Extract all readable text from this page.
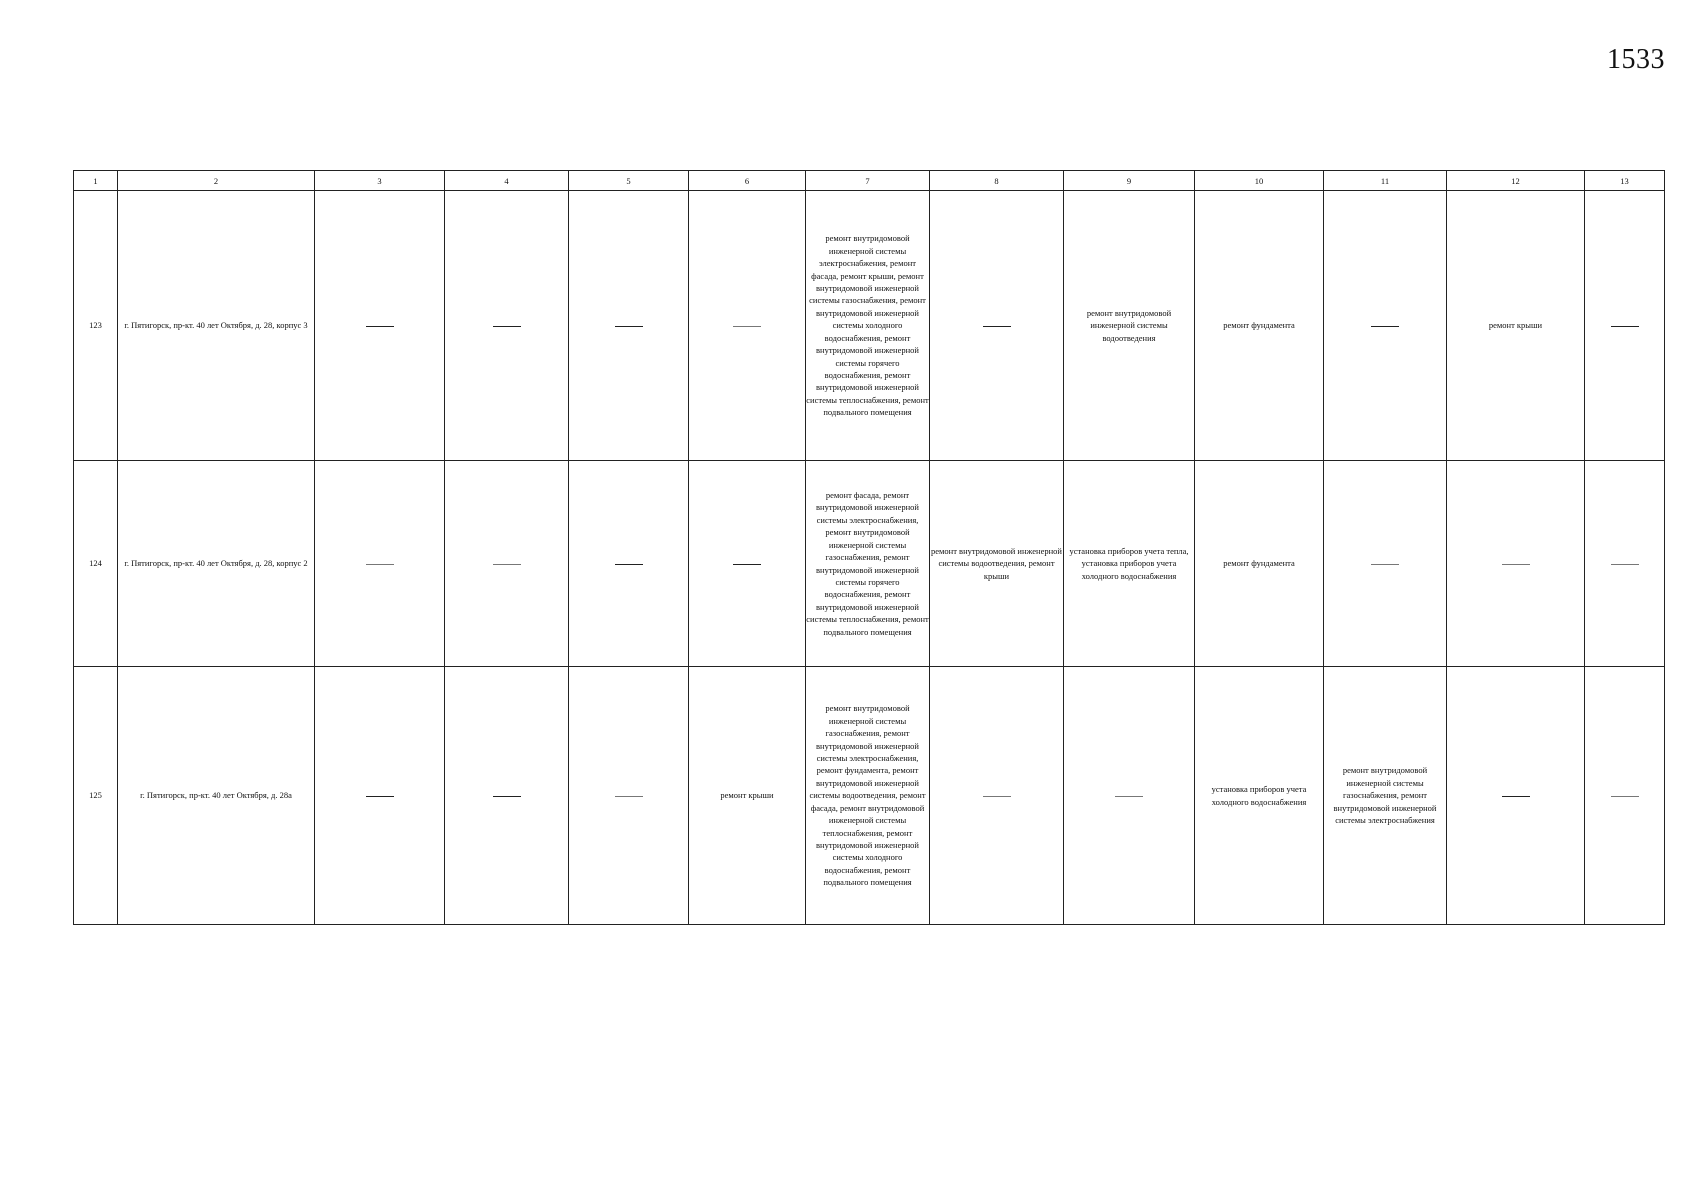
1533
1	2	3	4	5	6	7	8	9	10	11	12	13
123	г. Пятигорск, пр-кт. 40 лет Октября, д. 28, корпус 3					ремонт внутридомовой инженерной системы электроснабжения, ремонт фасада, ремонт крыши, ремонт внутридомовой инженерной системы газоснабжения, ремонт внутридомовой инженерной системы холодного водоснабжения, ремонт внутридомовой инженерной системы горячего водоснабжения, ремонт внутридомовой инженерной системы теплоснабжения, ремонт подвального помещения		ремонт внутридомовой инженерной системы водоотведения	ремонт фундамента		ремонт крыши	
124	г. Пятигорск, пр-кт. 40 лет Октября, д. 28, корпус 2					ремонт фасада, ремонт внутридомовой инженерной системы электроснабжения, ремонт внутридомовой инженерной системы газоснабжения, ремонт внутридомовой инженерной системы горячего водоснабжения, ремонт внутридомовой инженерной системы теплоснабжения, ремонт подвального помещения	ремонт внутридомовой инженерной системы водоотведения, ремонт крыши	установка приборов учета тепла, установка приборов учета холодного водоснабжения	ремонт фундамента			
125	г. Пятигорск, пр-кт. 40 лет Октября, д. 28а				ремонт крыши	ремонт внутридомовой инженерной системы газоснабжения, ремонт внутридомовой инженерной системы электроснабжения, ремонт фундамента, ремонт внутридомовой инженерной системы водоотведения, ремонт фасада, ремонт внутридомовой инженерной системы теплоснабжения, ремонт внутридомовой инженерной системы холодного водоснабжения, ремонт подвального помещения			установка приборов учета холодного водоснабжения	ремонт внутридомовой инженерной системы газоснабжения, ремонт внутридомовой инженерной системы электроснабжения		
